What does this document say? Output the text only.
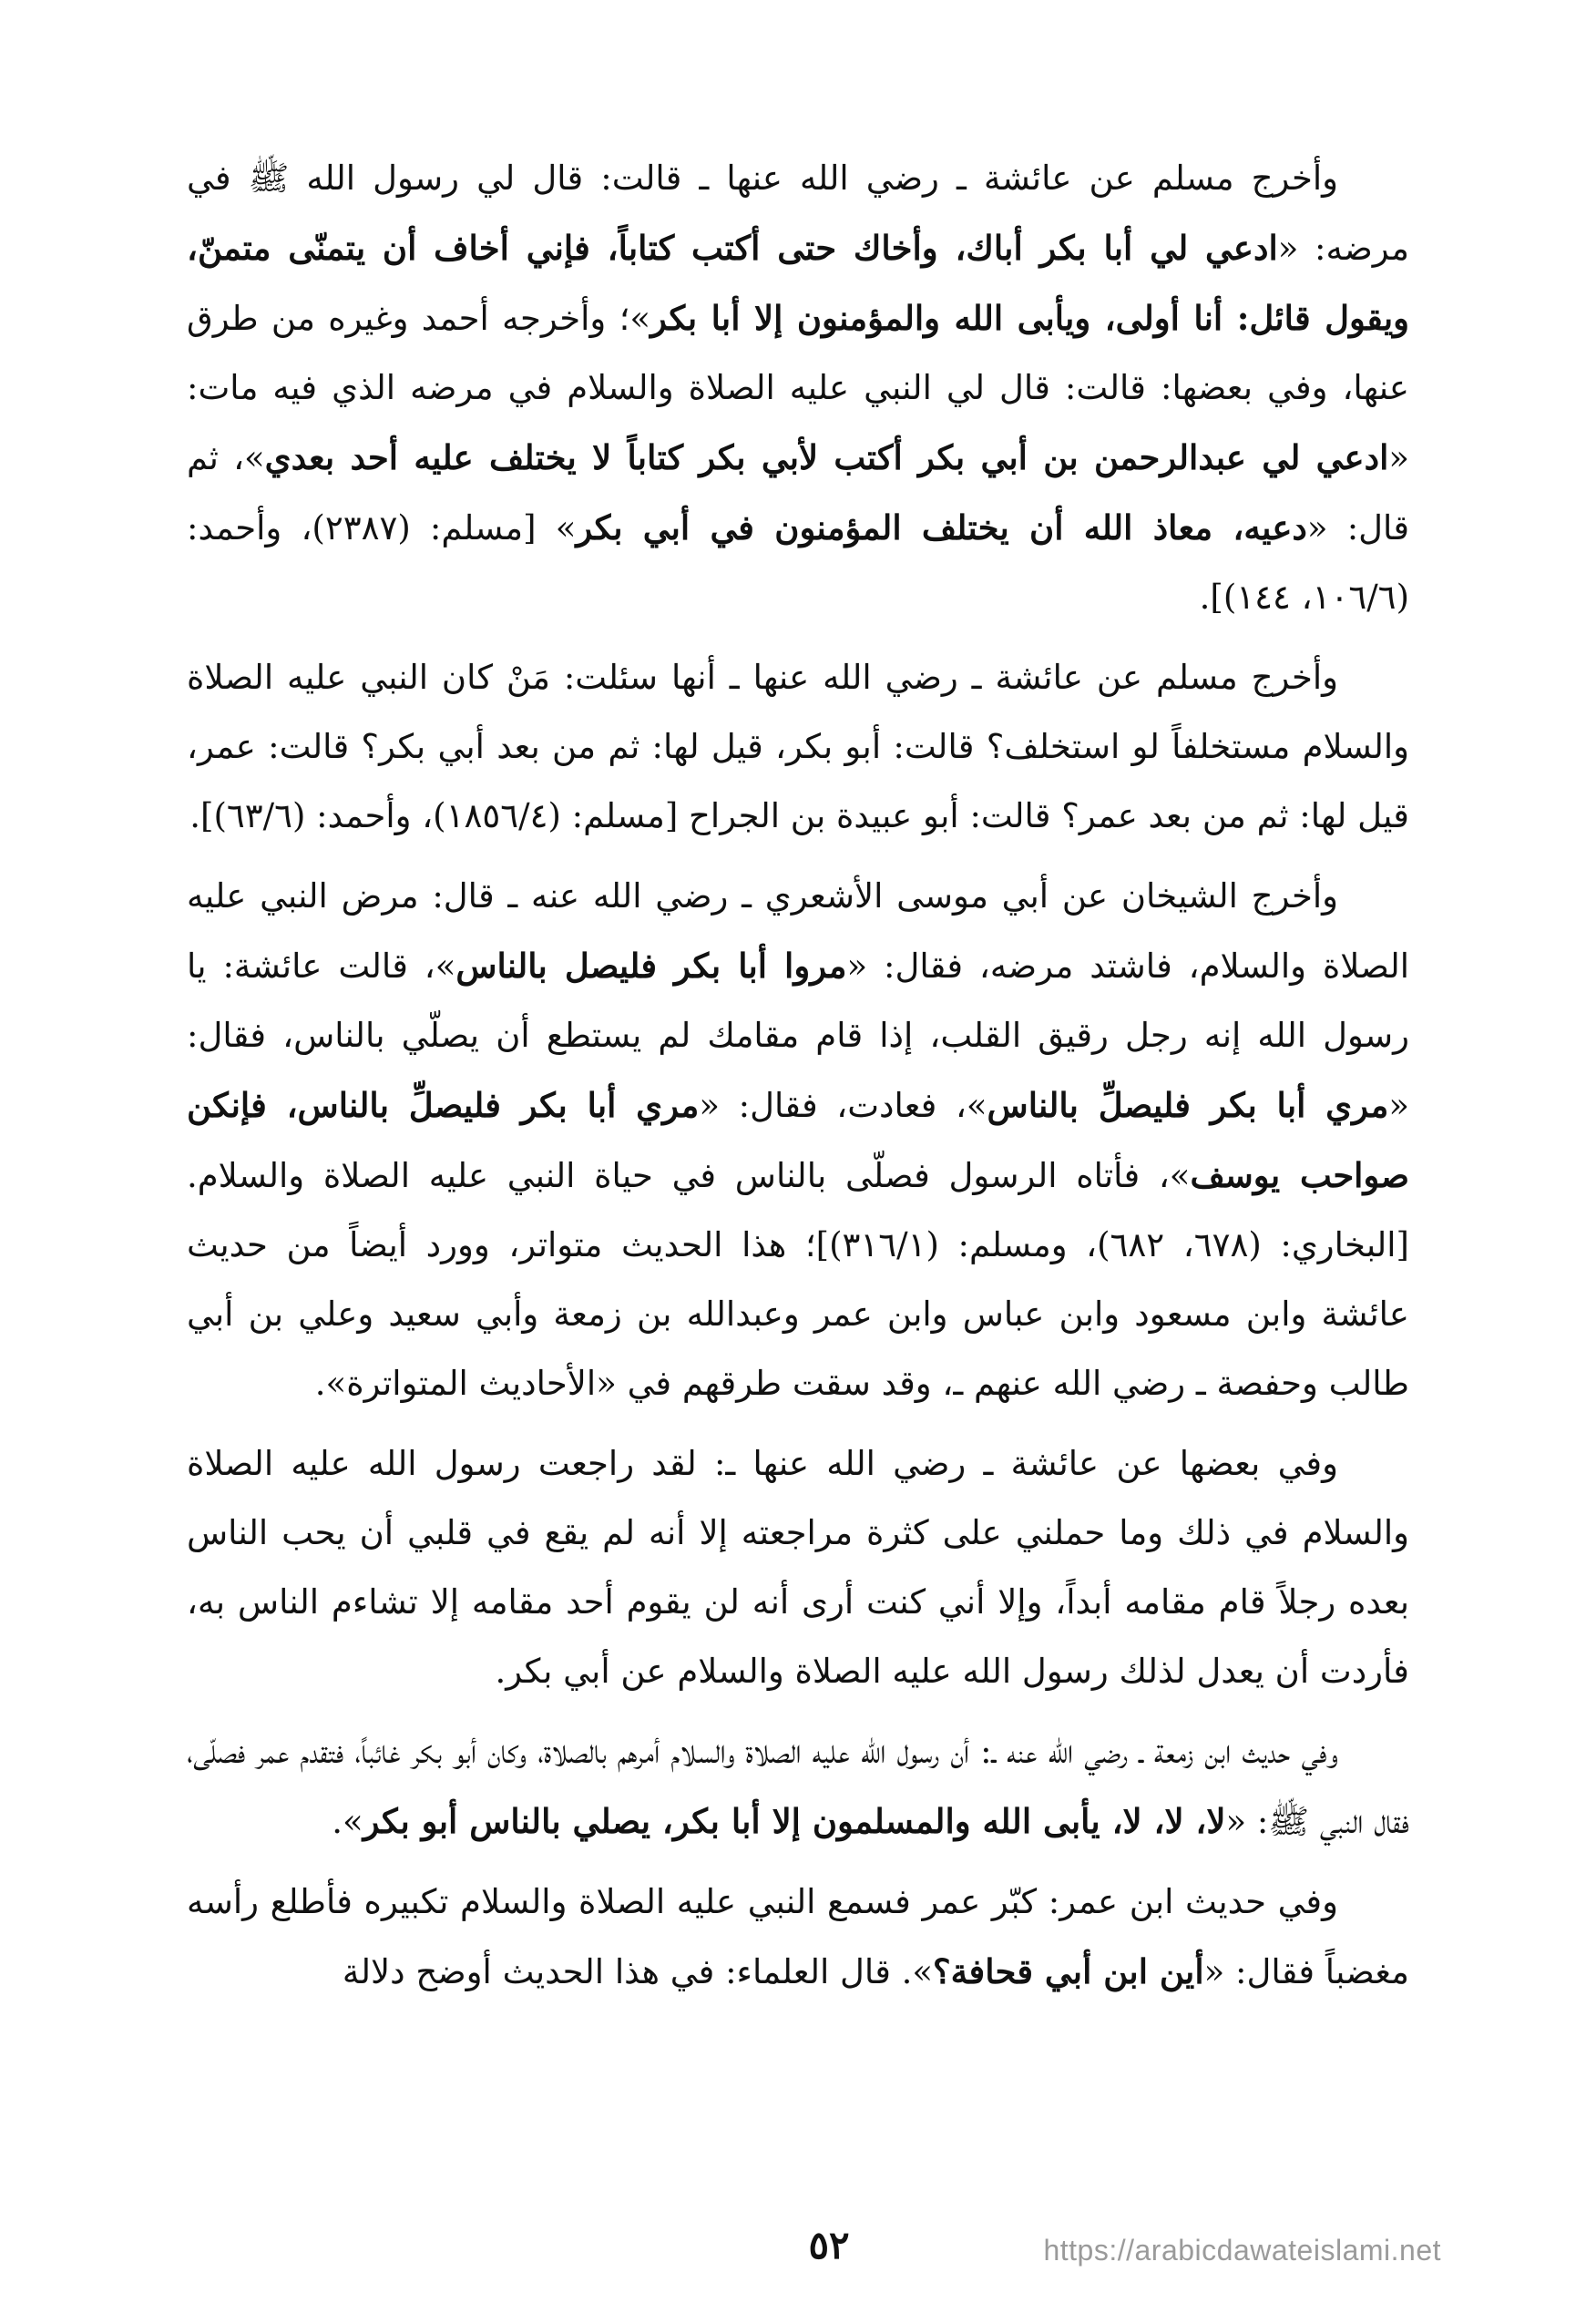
وأخرج مسلم عن عائشة ـ رضي الله عنها ـ قالت: قال لي رسول الله ﷺ في مرضه: «ادعي لي أبا بكر أباك، وأخاك حتى أكتب كتاباً، فإني أخاف أن يتمنّى متمنّ، ويقول قائل: أنا أولى، ويأبى الله والمؤمنون إلا أبا بكر»؛ وأخرجه أحمد وغيره من طرق عنها، وفي بعضها: قالت: قال لي النبي عليه الصلاة والسلام في مرضه الذي فيه مات: «ادعي لي عبدالرحمن بن أبي بكر أكتب لأبي بكر كتاباً لا يختلف عليه أحد بعدي»، ثم قال: «دعيه، معاذ الله أن يختلف المؤمنون في أبي بكر» [مسلم: (٢٣٨٧)، وأحمد: (١٠٦/٦، ١٤٤)].

وأخرج مسلم عن عائشة ـ رضي الله عنها ـ أنها سئلت: مَنْ كان النبي عليه الصلاة والسلام مستخلفاً لو استخلف؟ قالت: أبو بكر، قيل لها: ثم من بعد أبي بكر؟ قالت: عمر، قيل لها: ثم من بعد عمر؟ قالت: أبو عبيدة بن الجراح [مسلم: (١٨٥٦/٤)، وأحمد: (٦٣/٦)].

وأخرج الشيخان عن أبي موسى الأشعري ـ رضي الله عنه ـ قال: مرض النبي عليه الصلاة والسلام، فاشتد مرضه، فقال: «مروا أبا بكر فليصل بالناس»، قالت عائشة: يا رسول الله إنه رجل رقيق القلب، إذا قام مقامك لم يستطع أن يصلّي بالناس، فقال: «مري أبا بكر فليصلِّ بالناس»، فعادت، فقال: «مري أبا بكر فليصلِّ بالناس، فإنكن صواحب يوسف»، فأتاه الرسول فصلّى بالناس في حياة النبي عليه الصلاة والسلام. [البخاري: (٦٧٨، ٦٨٢)، ومسلم: (٣١٦/١)]؛ هذا الحديث متواتر، وورد أيضاً من حديث عائشة وابن مسعود وابن عباس وابن عمر وعبدالله بن زمعة وأبي سعيد وعلي بن أبي طالب وحفصة ـ رضي الله عنهم ـ، وقد سقت طرقهم في «الأحاديث المتواترة».

وفي بعضها عن عائشة ـ رضي الله عنها ـ: لقد راجعت رسول الله عليه الصلاة والسلام في ذلك وما حملني على كثرة مراجعته إلا أنه لم يقع في قلبي أن يحب الناس بعده رجلاً قام مقامه أبداً، وإلا أني كنت أرى أنه لن يقوم أحد مقامه إلا تشاءم الناس به، فأردت أن يعدل لذلك رسول الله عليه الصلاة والسلام عن أبي بكر.

وفي حديث ابن زمعة ـ رضي الله عنه ـ: أن رسول الله عليه الصلاة والسلام أمرهم بالصلاة، وكان أبو بكر غائباً، فتقدم عمر فصلّى، فقال النبي ﷺ: «لا، لا، لا، يأبى الله والمسلمون إلا أبا بكر، يصلي بالناس أبو بكر».

وفي حديث ابن عمر: كبّر عمر فسمع النبي عليه الصلاة والسلام تكبيره فأطلع رأسه مغضباً فقال: «أين ابن أبي قحافة؟». قال العلماء: في هذا الحديث أوضح دلالة

٥٢	https://arabicdawateislami.net
